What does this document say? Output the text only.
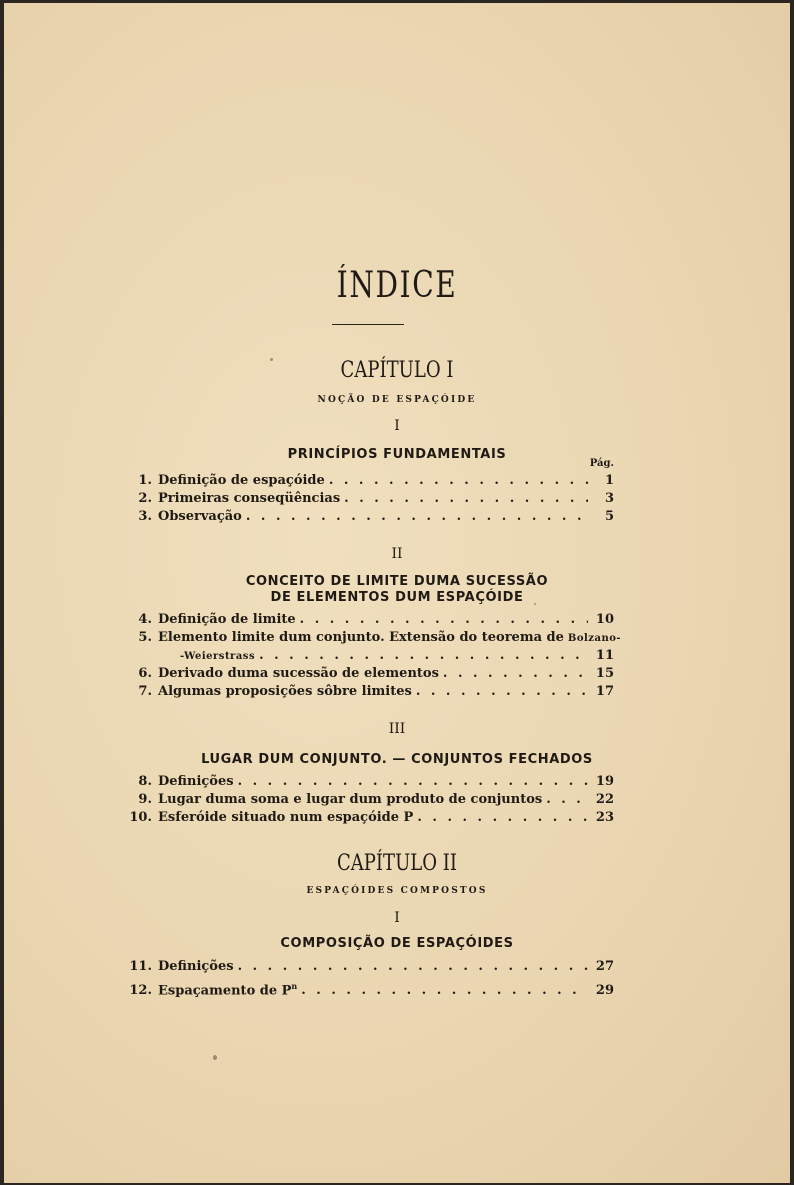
ÍNDICE
CAPÍTULO I
NOÇÃO DE ESPAÇÓIDE
I
PRINCÍPIOS FUNDAMENTAIS
Pág.
1. Definição de espaçóide . . .	1
2. Primeiras conseqüências . . .	3
3. Observação . . .	5
II
CONCEITO DE LIMITE DUMA SUCESSÃO
DE ELEMENTOS DUM ESPAÇÓIDE
4. Definição de limite . . .	10
5. Elemento limite dum conjunto. Extensão do teorema de Bolzano-
-Weierstrass . . .	11
6. Derivado duma sucessão de elementos . . .	15
7. Algumas proposições sôbre limites . . .	17
III
LUGAR DUM CONJUNTO. — CONJUNTOS FECHADOS
8. Definições . . .	19
9. Lugar duma soma e lugar dum produto de conjuntos . . .	22
10. Esferóide situado num espaçóide P . . .	23
CAPÍTULO II
ESPAÇÓIDES COMPOSTOS
I
COMPOSIÇÃO DE ESPAÇÓIDES
11. Definições . . .	27
12. Espaçamento de $P^n$ . . .	29
